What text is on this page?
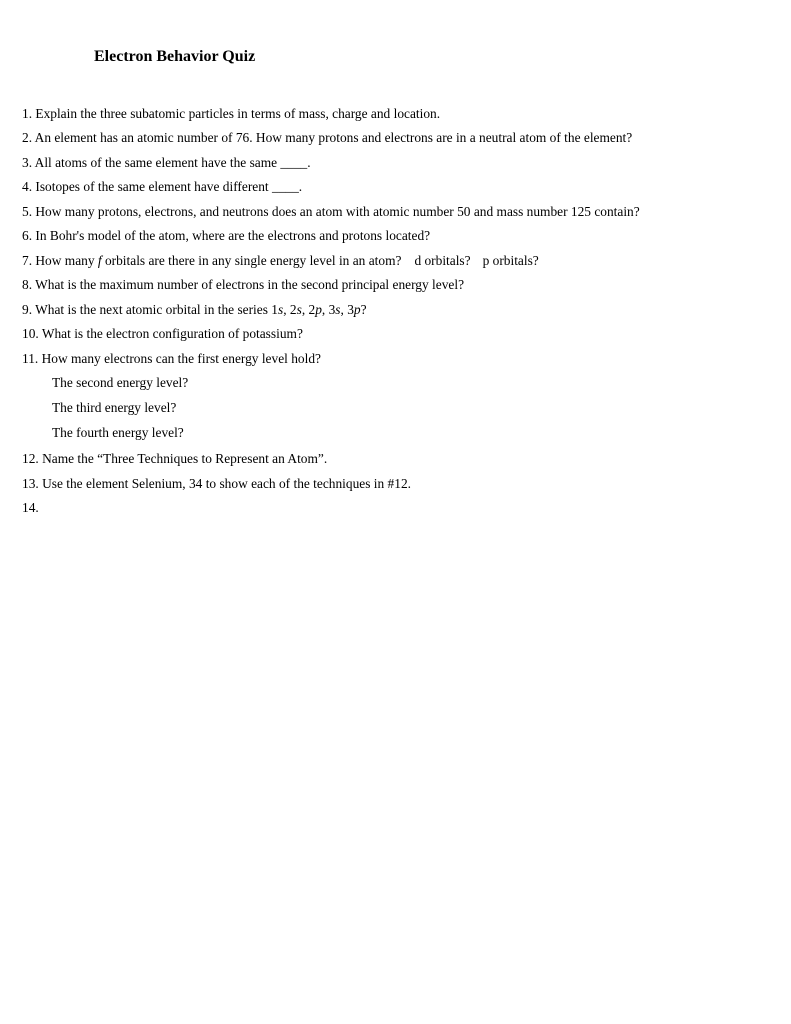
Electron Behavior Quiz
1. Explain the three subatomic particles in terms of mass, charge and location.
2. An element has an atomic number of 76. How many protons and electrons are in a neutral atom of the element?
3. All atoms of the same element have the same ____.
4. Isotopes of the same element have different ____.
5. How many protons, electrons, and neutrons does an atom with atomic number 50 and mass number 125 contain?
6. In Bohr's model of the atom, where are the electrons and protons located?
7. How many f orbitals are there in any single energy level in an atom? d orbitals? p orbitals?
8. What is the maximum number of electrons in the second principal energy level?
9. What is the next atomic orbital in the series 1s, 2s, 2p, 3s, 3p?
10. What is the electron configuration of potassium?
11. How many electrons can the first energy level hold?
The second energy level?
The third energy level?
The fourth energy level?
12. Name the “Three Techniques to Represent an Atom”.
13. Use the element Selenium, 34 to show each of the techniques in #12.
14.
